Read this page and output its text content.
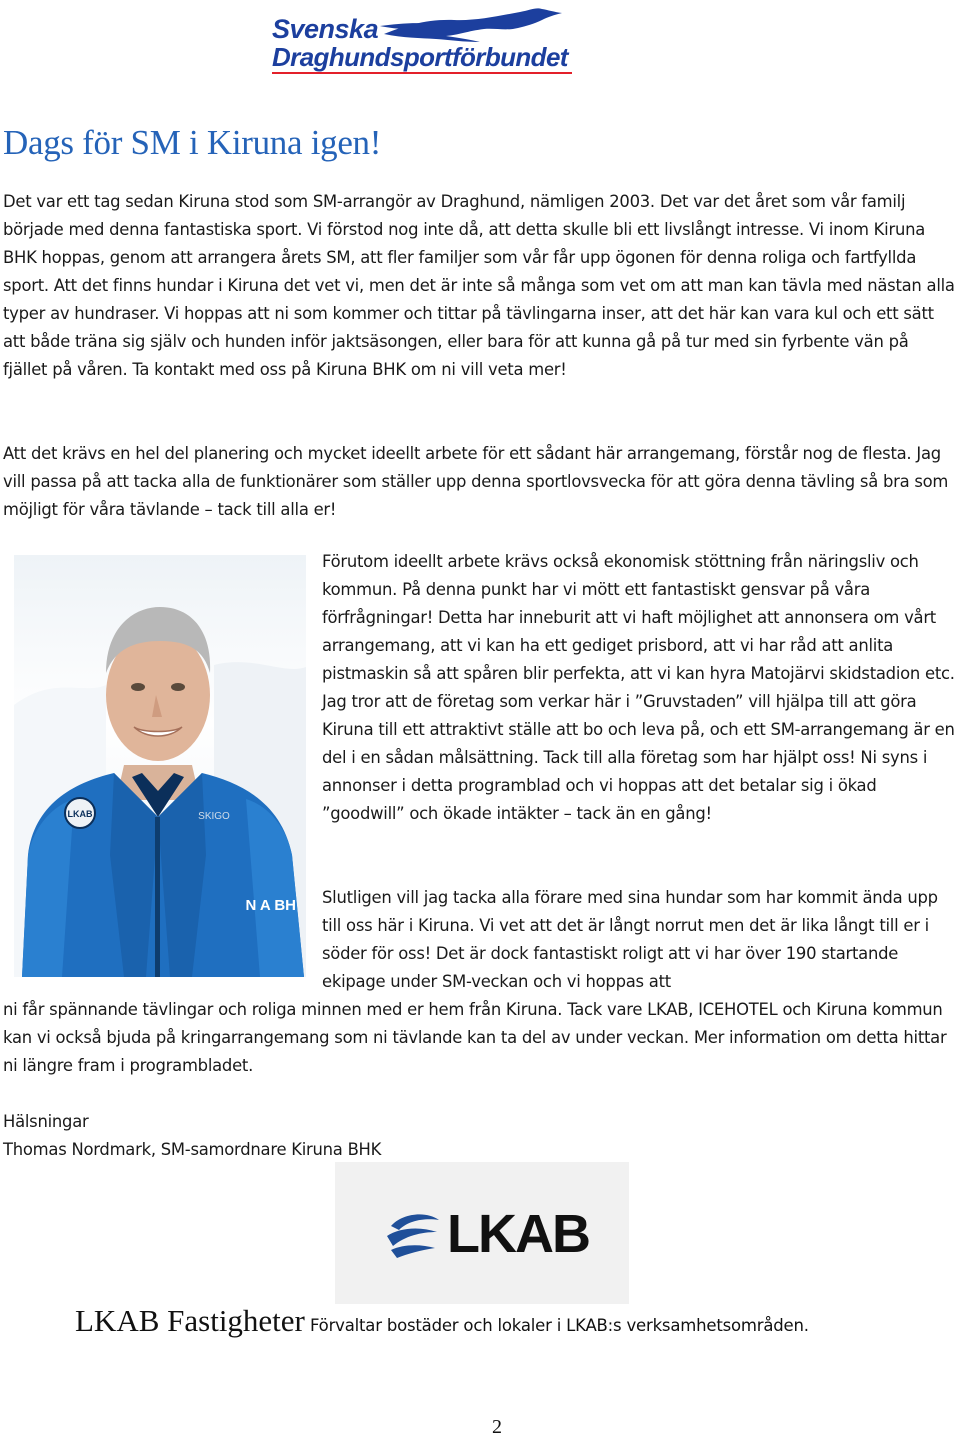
Svenska
Draghundsportförbundet
Dags för SM i Kiruna igen!

Det var ett tag sedan Kiruna stod som SM-arrangör av Draghund, nämligen 2003. Det var det året som vår familj började med denna fantastiska sport. Vi förstod nog inte då, att detta skulle bli ett livslångt intresse. Vi inom Kiruna BHK hoppas, genom att arrangera årets SM, att fler familjer som vår får upp ögonen för denna roliga och fartfyllda sport. Att det finns hundar i Kiruna det vet vi, men det är inte så många som vet om att man kan tävla med nästan alla typer av hundraser. Vi hoppas att ni som kommer och tittar på tävlingarna inser, att det här kan vara kul och ett sätt att både träna sig själv och hunden inför jaktsäsongen, eller bara för att kunna gå på tur med sin fyrbente vän på fjället på våren. Ta kontakt med oss på Kiruna BHK om ni vill veta mer!

Att det krävs en hel del planering och mycket ideellt arbete för ett sådant här arrangemang, förstår nog de flesta. Jag vill passa på att tacka alla de funktionärer som ställer upp denna sportlovsvecka för att göra denna tävling så bra som möjligt för våra tävlande – tack till alla er!

LKAB	SKIGO
N A BH

Förutom ideellt arbete krävs också ekonomisk stöttning från näringsliv och kommun. På denna punkt har vi mött ett fantastiskt gensvar på våra förfrågningar! Detta har inneburit att vi haft möjlighet att annonsera om vårt arrangemang, att vi kan ha ett gediget prisbord, att vi har råd att anlita pistmaskin så att spåren blir perfekta, att vi kan hyra Matojärvi skidstadion etc. Jag tror att de företag som verkar här i ”Gruvstaden” vill hjälpa till att göra Kiruna till ett attraktivt ställe att bo och leva på, och ett SM-arrangemang är en del i en sådan målsättning. Tack till alla företag som har hjälpt oss! Ni syns i annonser i detta programblad och vi hoppas att det betalar sig i ökad ”goodwill” och ökade intäkter – tack än en gång!

Slutligen vill jag tacka alla förare med sina hundar som har kommit ända upp till oss här i Kiruna. Vi vet att det är långt norrut men det är lika långt till er i söder för oss! Det är dock fantastiskt roligt att vi har över 190 startande ekipage under SM-veckan och vi hoppas att

ni får spännande tävlingar och roliga minnen med er hem från Kiruna. Tack vare LKAB, ICEHOTEL och Kiruna kommun kan vi också bjuda på kringarrangemang som ni tävlande kan ta del av under veckan. Mer information om detta hittar ni längre fram i programbladet.

Hälsningar
Thomas Nordmark, SM-samordnare Kiruna BHK
LKAB
LKAB Fastigheter Förvaltar bostäder och lokaler i LKAB:s verksamhetsområden.
2
